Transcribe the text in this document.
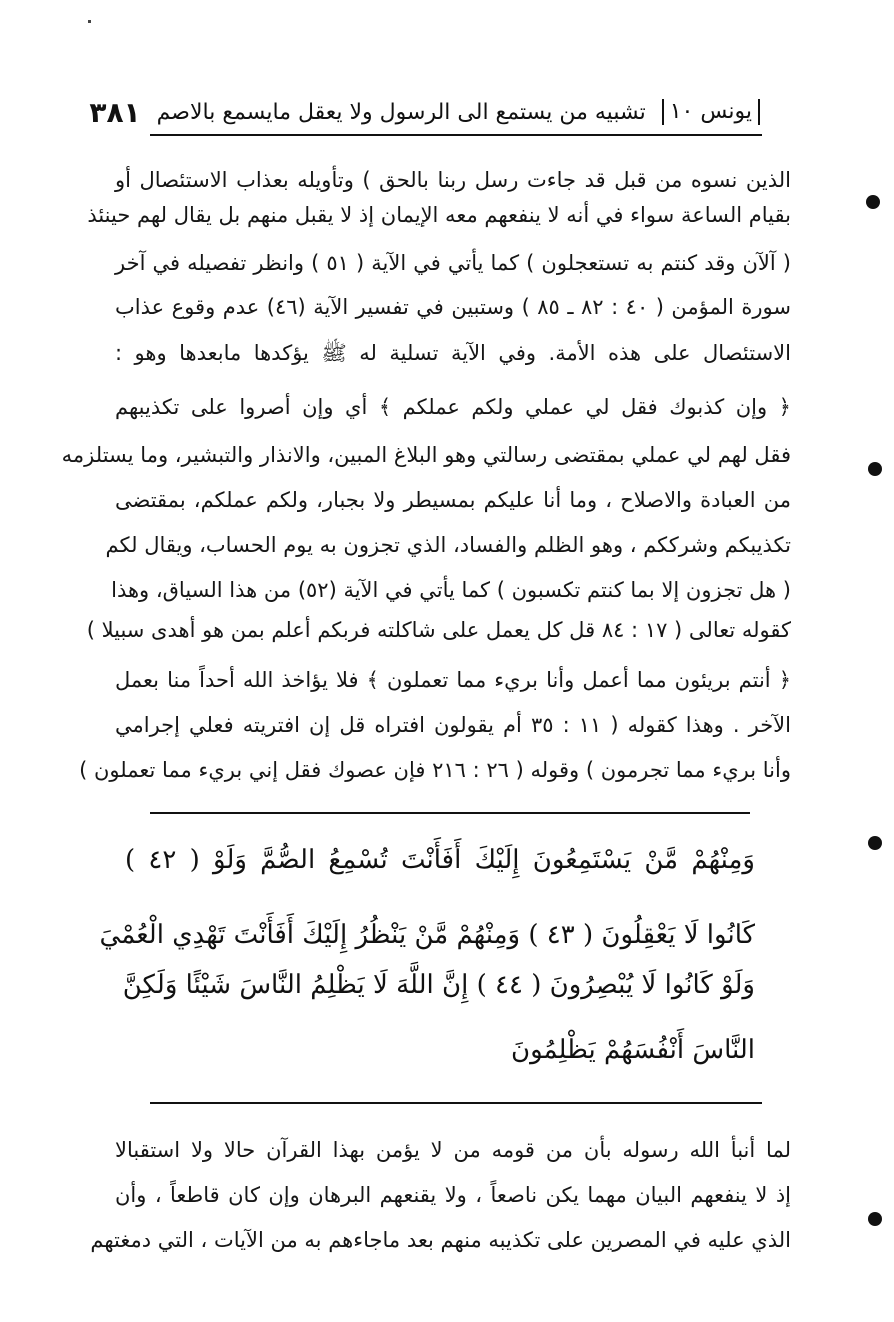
يونس ١٠
تشبيه من يستمع الى الرسول ولا يعقل مايسمع بالاصم
٣٨١
الذين نسوه من قبل قد جاءت رسل ربنا بالحق ) وتأويله بعذاب الاستئصال أو
بقيام الساعة سواء في أنه لا ينفعهم معه الإيمان إذ لا يقبل منهم بل يقال لهم حينئذ
( آلآن وقد كنتم به تستعجلون ) كما يأتي في الآية ( ٥١ ) وانظر تفصيله في آخر
سورة المؤمن ( ٤٠ : ٨٢ ـ ٨٥ ) وستبين في تفسير الآية (٤٦) عدم وقوع عذاب
الاستئصال على هذه الأمة. وفي الآية تسلية له ﷺ يؤكدها مابعدها وهو :
﴿ وإن كذبوك فقل لي عملي ولكم عملكم ﴾ أي وإن أصروا على تكذيبهم
فقل لهم لي عملي بمقتضى رسالتي وهو البلاغ المبين، والانذار والتبشير، وما يستلزمه
من العبادة والاصلاح ، وما أنا عليكم بمسيطر ولا بجبار، ولكم عملكم، بمقتضى
تكذيبكم وشرككم ، وهو الظلم والفساد، الذي تجزون به يوم الحساب، ويقال لكم
( هل تجزون إلا بما كنتم تكسبون ) كما يأتي في الآية (٥٢) من هذا السياق، وهذا
كقوله تعالى ( ١٧ : ٨٤ قل كل يعمل على شاكلته فربكم أعلم بمن هو أهدى سبيلا )
﴿ أنتم بريئون مما أعمل وأنا بريء مما تعملون ﴾ فلا يؤاخذ الله أحداً منا بعمل
الآخر . وهذا كقوله ( ١١ : ٣٥ أم يقولون افتراه قل إن افتريته فعلي إجرامي
وأنا بريء مما تجرمون ) وقوله ( ٢٦ : ٢١٦ فإن عصوك فقل إني بريء مما تعملون )
وَمِنْهُمْ مَّنْ يَسْتَمِعُونَ إِلَيْكَ أَفَأَنْتَ تُسْمِعُ الصُّمَّ وَلَوْ ( ٤٢ )
كَانُوا لَا يَعْقِلُونَ ( ٤٣ ) وَمِنْهُمْ مَّنْ يَنْظُرُ إِلَيْكَ أَفَأَنْتَ تَهْدِي الْعُمْيَ
وَلَوْ كَانُوا لَا يُبْصِرُونَ ( ٤٤ ) إِنَّ اللَّهَ لَا يَظْلِمُ النَّاسَ شَيْئًا وَلَكِنَّ
النَّاسَ أَنْفُسَهُمْ يَظْلِمُونَ
لما أنبأ الله رسوله بأن من قومه من لا يؤمن بهذا القرآن حالا ولا استقبالا
إذ لا ينفعهم البيان مهما يكن ناصعاً ، ولا يقنعهم البرهان وإن كان قاطعاً ، وأن
الذي عليه في المصرين على تكذيبه منهم بعد ماجاءهم به من الآيات ، التي دمغتهم
